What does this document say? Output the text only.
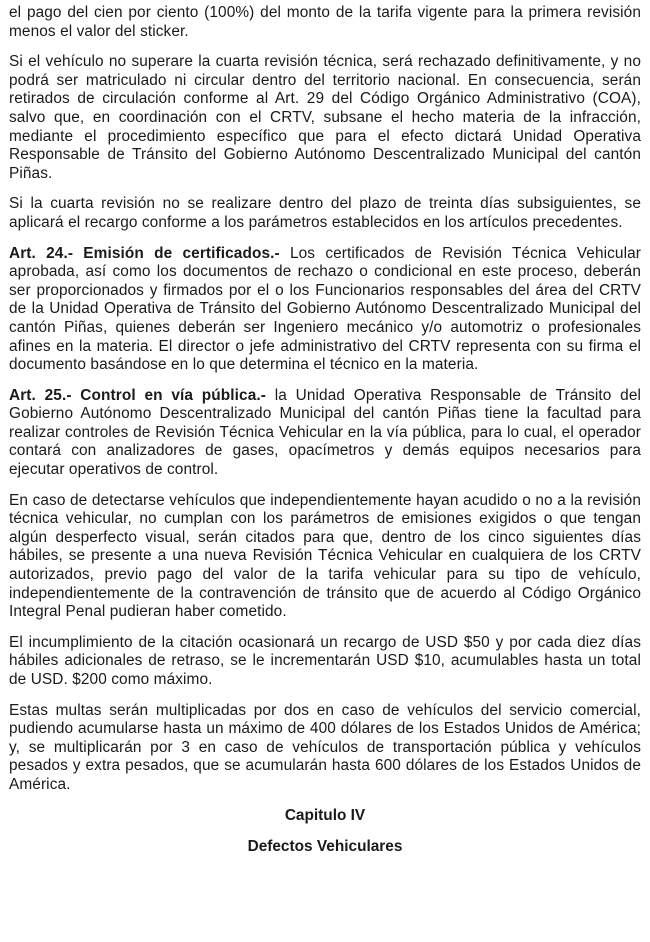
el pago del cien por ciento (100%) del monto de la tarifa vigente para la primera revisión menos el valor del sticker.

Si el vehículo no superare la cuarta revisión técnica, será rechazado definitivamente, y no podrá ser matriculado ni circular dentro del territorio nacional. En consecuencia, serán retirados de circulación conforme al Art. 29 del Código Orgánico Administrativo (COA), salvo que, en coordinación con el CRTV, subsane el hecho materia de la infracción, mediante el procedimiento específico que para el efecto dictará Unidad Operativa Responsable de Tránsito del Gobierno Autónomo Descentralizado Municipal del cantón Piñas.

Si la cuarta revisión no se realizare dentro del plazo de treinta días subsiguientes, se aplicará el recargo conforme a los parámetros establecidos en los artículos precedentes.

Art. 24.- Emisión de certificados.- Los certificados de Revisión Técnica Vehicular aprobada, así como los documentos de rechazo o condicional en este proceso, deberán ser proporcionados y firmados por el o los Funcionarios responsables del área del CRTV de la Unidad Operativa de Tránsito del Gobierno Autónomo Descentralizado Municipal del cantón Piñas, quienes deberán ser Ingeniero mecánico y/o automotriz o profesionales afines en la materia. El director o jefe administrativo del CRTV representa con su firma el documento basándose en lo que determina el técnico en la materia.

Art. 25.- Control en vía pública.- la Unidad Operativa Responsable de Tránsito del Gobierno Autónomo Descentralizado Municipal del cantón Piñas tiene la facultad para realizar controles de Revisión Técnica Vehicular en la vía pública, para lo cual, el operador contará con analizadores de gases, opacímetros y demás equipos necesarios para ejecutar operativos de control.

En caso de detectarse vehículos que independientemente hayan acudido o no a la revisión técnica vehicular, no cumplan con los parámetros de emisiones exigidos o que tengan algún desperfecto visual, serán citados para que, dentro de los cinco siguientes días hábiles, se presente a una nueva Revisión Técnica Vehicular en cualquiera de los CRTV autorizados, previo pago del valor de la tarifa vehicular para su tipo de vehículo, independientemente de la contravención de tránsito que de acuerdo al Código Orgánico Integral Penal pudieran haber cometido.

El incumplimiento de la citación ocasionará un recargo de USD $50 y por cada diez días hábiles adicionales de retraso, se le incrementarán USD $10, acumulables hasta un total de USD. $200 como máximo.

Estas multas serán multiplicadas por dos en caso de vehículos del servicio comercial, pudiendo acumularse hasta un máximo de 400 dólares de los Estados Unidos de América; y, se multiplicarán por 3 en caso de vehículos de transportación pública y vehículos pesados y extra pesados, que se acumularán hasta 600 dólares de los Estados Unidos de América.

Capitulo IV

Defectos Vehiculares
